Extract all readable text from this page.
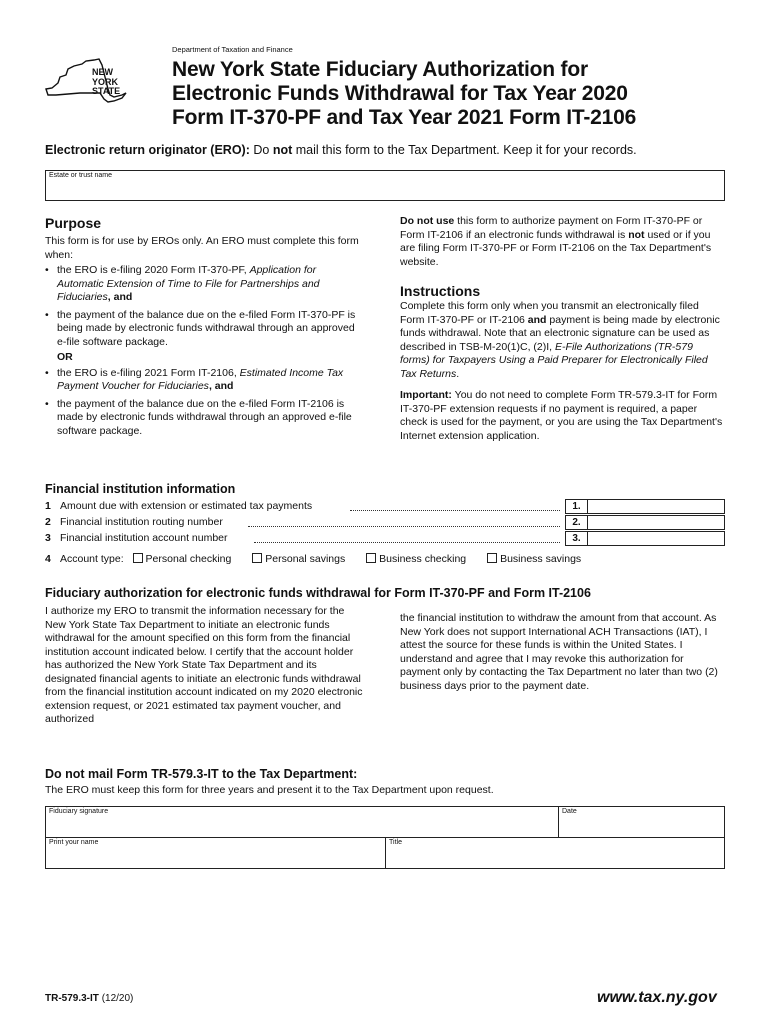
Department of Taxation and Finance
NEW
YORK
STATE
New York State Fiduciary Authorization for
Electronic Funds Withdrawal for Tax Year 2020
Form IT-370-PF and Tax Year 2021 Form IT-2106
Electronic return originator (ERO): Do not mail this form to the Tax Department. Keep it for your records.
Estate or trust name
Purpose
This form is for use by EROs only. An ERO must complete this form when:
• the ERO is e-filing 2020 Form IT-370-PF, Application for Automatic Extension of Time to File for Partnerships and Fiduciaries, and
• the payment of the balance due on the e-filed Form IT-370-PF is being made by electronic funds withdrawal through an approved e-file software package.
OR
• the ERO is e-filing 2021 Form IT-2106, Estimated Income Tax Payment Voucher for Fiduciaries, and
• the payment of the balance due on the e-filed Form IT-2106 is made by electronic funds withdrawal through an approved e-file software package.
Do not use this form to authorize payment on Form IT-370-PF or Form IT-2106 if an electronic funds withdrawal is not used or if you are filing Form IT-370-PF or Form IT-2106 on the Tax Department's website.
Instructions
Complete this form only when you transmit an electronically filed Form IT-370-PF or IT-2106 and payment is being made by electronic funds withdrawal. Note that an electronic signature can be used as described in TSB-M-20(1)C, (2)I, E-File Authorizations (TR-579 forms) for Taxpayers Using a Paid Preparer for Electronically Filed Tax Returns.
Important: You do not need to complete Form TR-579.3-IT for Form IT-370-PF extension requests if no payment is required, a paper check is used for the payment, or you are using the Tax Department's Internet extension application.
Financial institution information
1 Amount due with extension or estimated tax payments	1.
2 Financial institution routing number	2.
3 Financial institution account number	3.
4 Account type: Personal checking	Personal savings	Business checking	Business savings
Fiduciary authorization for electronic funds withdrawal for Form IT-370-PF and Form IT-2106
I authorize my ERO to transmit the information necessary for the New York State Tax Department to initiate an electronic funds withdrawal for the amount specified on this form from the financial institution account indicated below. I certify that the account holder has authorized the New York State Tax Department and its designated financial agents to initiate an electronic funds withdrawal from the financial institution account indicated on my 2020 electronic extension request, or 2021 estimated tax payment voucher, and authorized
the financial institution to withdraw the amount from that account. As New York does not support International ACH Transactions (IAT), I attest the source for these funds is within the United States. I understand and agree that I may revoke this authorization for payment only by contacting the Tax Department no later than two (2) business days prior to the payment date.
Do not mail Form TR-579.3-IT to the Tax Department:
The ERO must keep this form for three years and present it to the Tax Department upon request.
Fiduciary signature	Date
Print your name	Title
TR-579.3-IT (12/20)	www.tax.ny.gov
